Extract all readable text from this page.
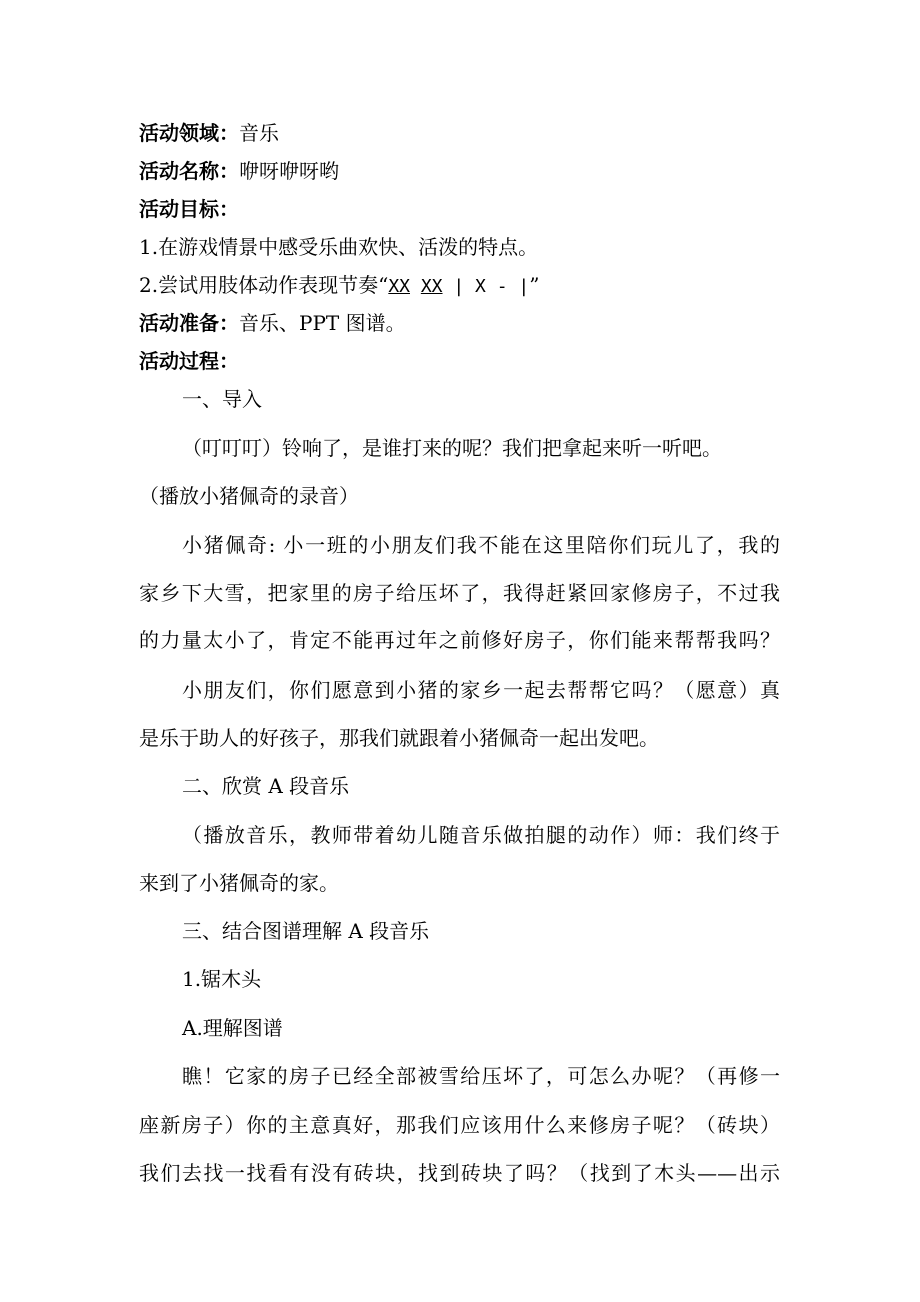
活动领域：音乐
活动名称：咿呀咿呀哟
活动目标：
1.在游戏情景中感受乐曲欢快、活泼的特点。
2.尝试用肢体动作表现节奏“XX XX | X - |”
活动准备：音乐、PPT 图谱。
活动过程：
一、导入
（叮叮叮）铃响了，是谁打来的呢？我们把拿起来听一听吧。
（播放小猪佩奇的录音）
小猪佩奇: 小一班的小朋友们我不能在这里陪你们玩儿了，我的
家乡下大雪，把家里的房子给压坏了，我得赶紧回家修房子，不过我
的力量太小了，肯定不能再过年之前修好房子，你们能来帮帮我吗？
小朋友们，你们愿意到小猪的家乡一起去帮帮它吗？（愿意）真
是乐于助人的好孩子，那我们就跟着小猪佩奇一起出发吧。
二、欣赏 A 段音乐
（播放音乐，教师带着幼儿随音乐做拍腿的动作）师：我们终于
来到了小猪佩奇的家。
三、结合图谱理解 A 段音乐
1.锯木头
A.理解图谱
瞧！它家的房子已经全部被雪给压坏了，可怎么办呢？（再修一
座新房子）你的主意真好，那我们应该用什么来修房子呢？（砖块）
我们去找一找看有没有砖块，找到砖块了吗？（找到了木头——出示
